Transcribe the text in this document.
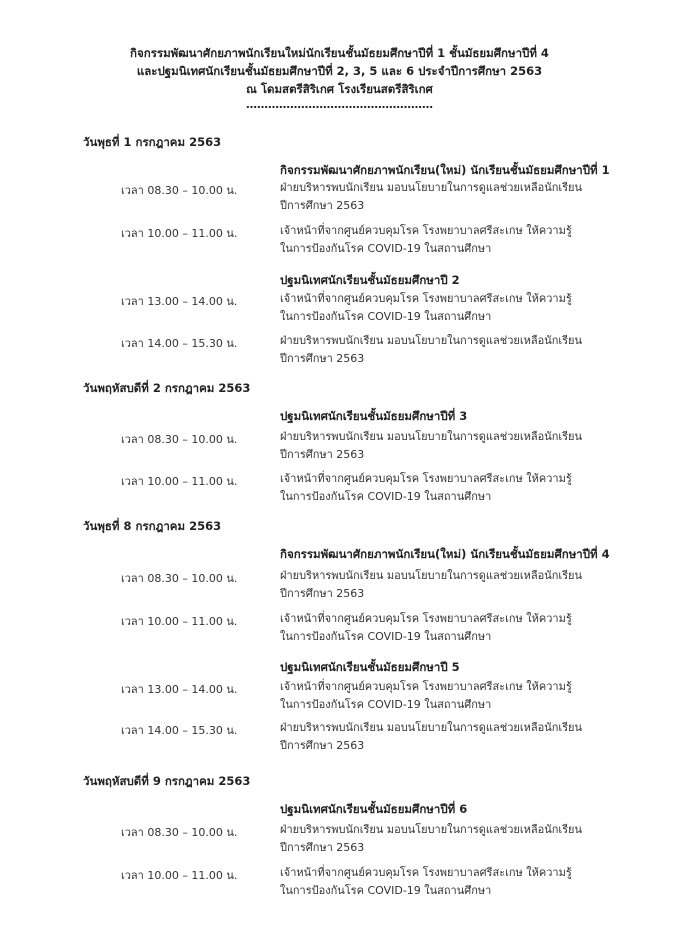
กิจกรรมพัฒนาศักยภาพนักเรียนใหม่นักเรียนชั้นมัธยมศึกษาปีที่ 1 ชั้นมัธยมศึกษาปีที่ 4
และปฐมนิเทศนักเรียนชั้นมัธยมศึกษาปีที่ 2, 3, 5 และ 6 ประจำปีการศึกษา 2563
ณ โดมสตรีสิริเกศ โรงเรียนสตรีสิริเกศ
……………………………………………
วันพุธที่ 1 กรกฎาคม 2563
กิจกรรมพัฒนาศักยภาพนักเรียน(ใหม่) นักเรียนชั้นมัธยมศึกษาปีที่ 1
เวลา 08.30 – 10.00 น.	ฝ่ายบริหารพบนักเรียน มอบนโยบายในการดูแลช่วยเหลือนักเรียน
ปีการศึกษา 2563
เวลา 10.00 – 11.00 น.	เจ้าหน้าที่จากศูนย์ควบคุมโรค โรงพยาบาลศรีสะเกษ ให้ความรู้
ในการป้องกันโรค COVID-19 ในสถานศึกษา
ปฐมนิเทศนักเรียนชั้นมัธยมศึกษาปี 2
เวลา 13.00 – 14.00 น.	เจ้าหน้าที่จากศูนย์ควบคุมโรค โรงพยาบาลศรีสะเกษ ให้ความรู้
ในการป้องกันโรค COVID-19 ในสถานศึกษา
เวลา 14.00 – 15.30 น.	ฝ่ายบริหารพบนักเรียน มอบนโยบายในการดูแลช่วยเหลือนักเรียน
ปีการศึกษา 2563
วันพฤหัสบดีที่ 2 กรกฎาคม 2563
ปฐมนิเทศนักเรียนชั้นมัธยมศึกษาปีที่ 3
เวลา 08.30 – 10.00 น.	ฝ่ายบริหารพบนักเรียน มอบนโยบายในการดูแลช่วยเหลือนักเรียน
ปีการศึกษา 2563
เวลา 10.00 – 11.00 น.	เจ้าหน้าที่จากศูนย์ควบคุมโรค โรงพยาบาลศรีสะเกษ ให้ความรู้
ในการป้องกันโรค COVID-19 ในสถานศึกษา
วันพุธที่ 8 กรกฎาคม 2563
กิจกรรมพัฒนาศักยภาพนักเรียน(ใหม่) นักเรียนชั้นมัธยมศึกษาปีที่ 4
เวลา 08.30 – 10.00 น.	ฝ่ายบริหารพบนักเรียน มอบนโยบายในการดูแลช่วยเหลือนักเรียน
ปีการศึกษา 2563
เวลา 10.00 – 11.00 น.	เจ้าหน้าที่จากศูนย์ควบคุมโรค โรงพยาบาลศรีสะเกษ ให้ความรู้
ในการป้องกันโรค COVID-19 ในสถานศึกษา
ปฐมนิเทศนักเรียนชั้นมัธยมศึกษาปี 5
เวลา 13.00 – 14.00 น.	เจ้าหน้าที่จากศูนย์ควบคุมโรค โรงพยาบาลศรีสะเกษ ให้ความรู้
ในการป้องกันโรค COVID-19 ในสถานศึกษา
เวลา 14.00 – 15.30 น.	ฝ่ายบริหารพบนักเรียน มอบนโยบายในการดูแลช่วยเหลือนักเรียน
ปีการศึกษา 2563
วันพฤหัสบดีที่ 9 กรกฎาคม 2563
ปฐมนิเทศนักเรียนชั้นมัธยมศึกษาปีที่ 6
เวลา 08.30 – 10.00 น.	ฝ่ายบริหารพบนักเรียน มอบนโยบายในการดูแลช่วยเหลือนักเรียน
ปีการศึกษา 2563
เวลา 10.00 – 11.00 น.	เจ้าหน้าที่จากศูนย์ควบคุมโรค โรงพยาบาลศรีสะเกษ ให้ความรู้
ในการป้องกันโรค COVID-19 ในสถานศึกษา
